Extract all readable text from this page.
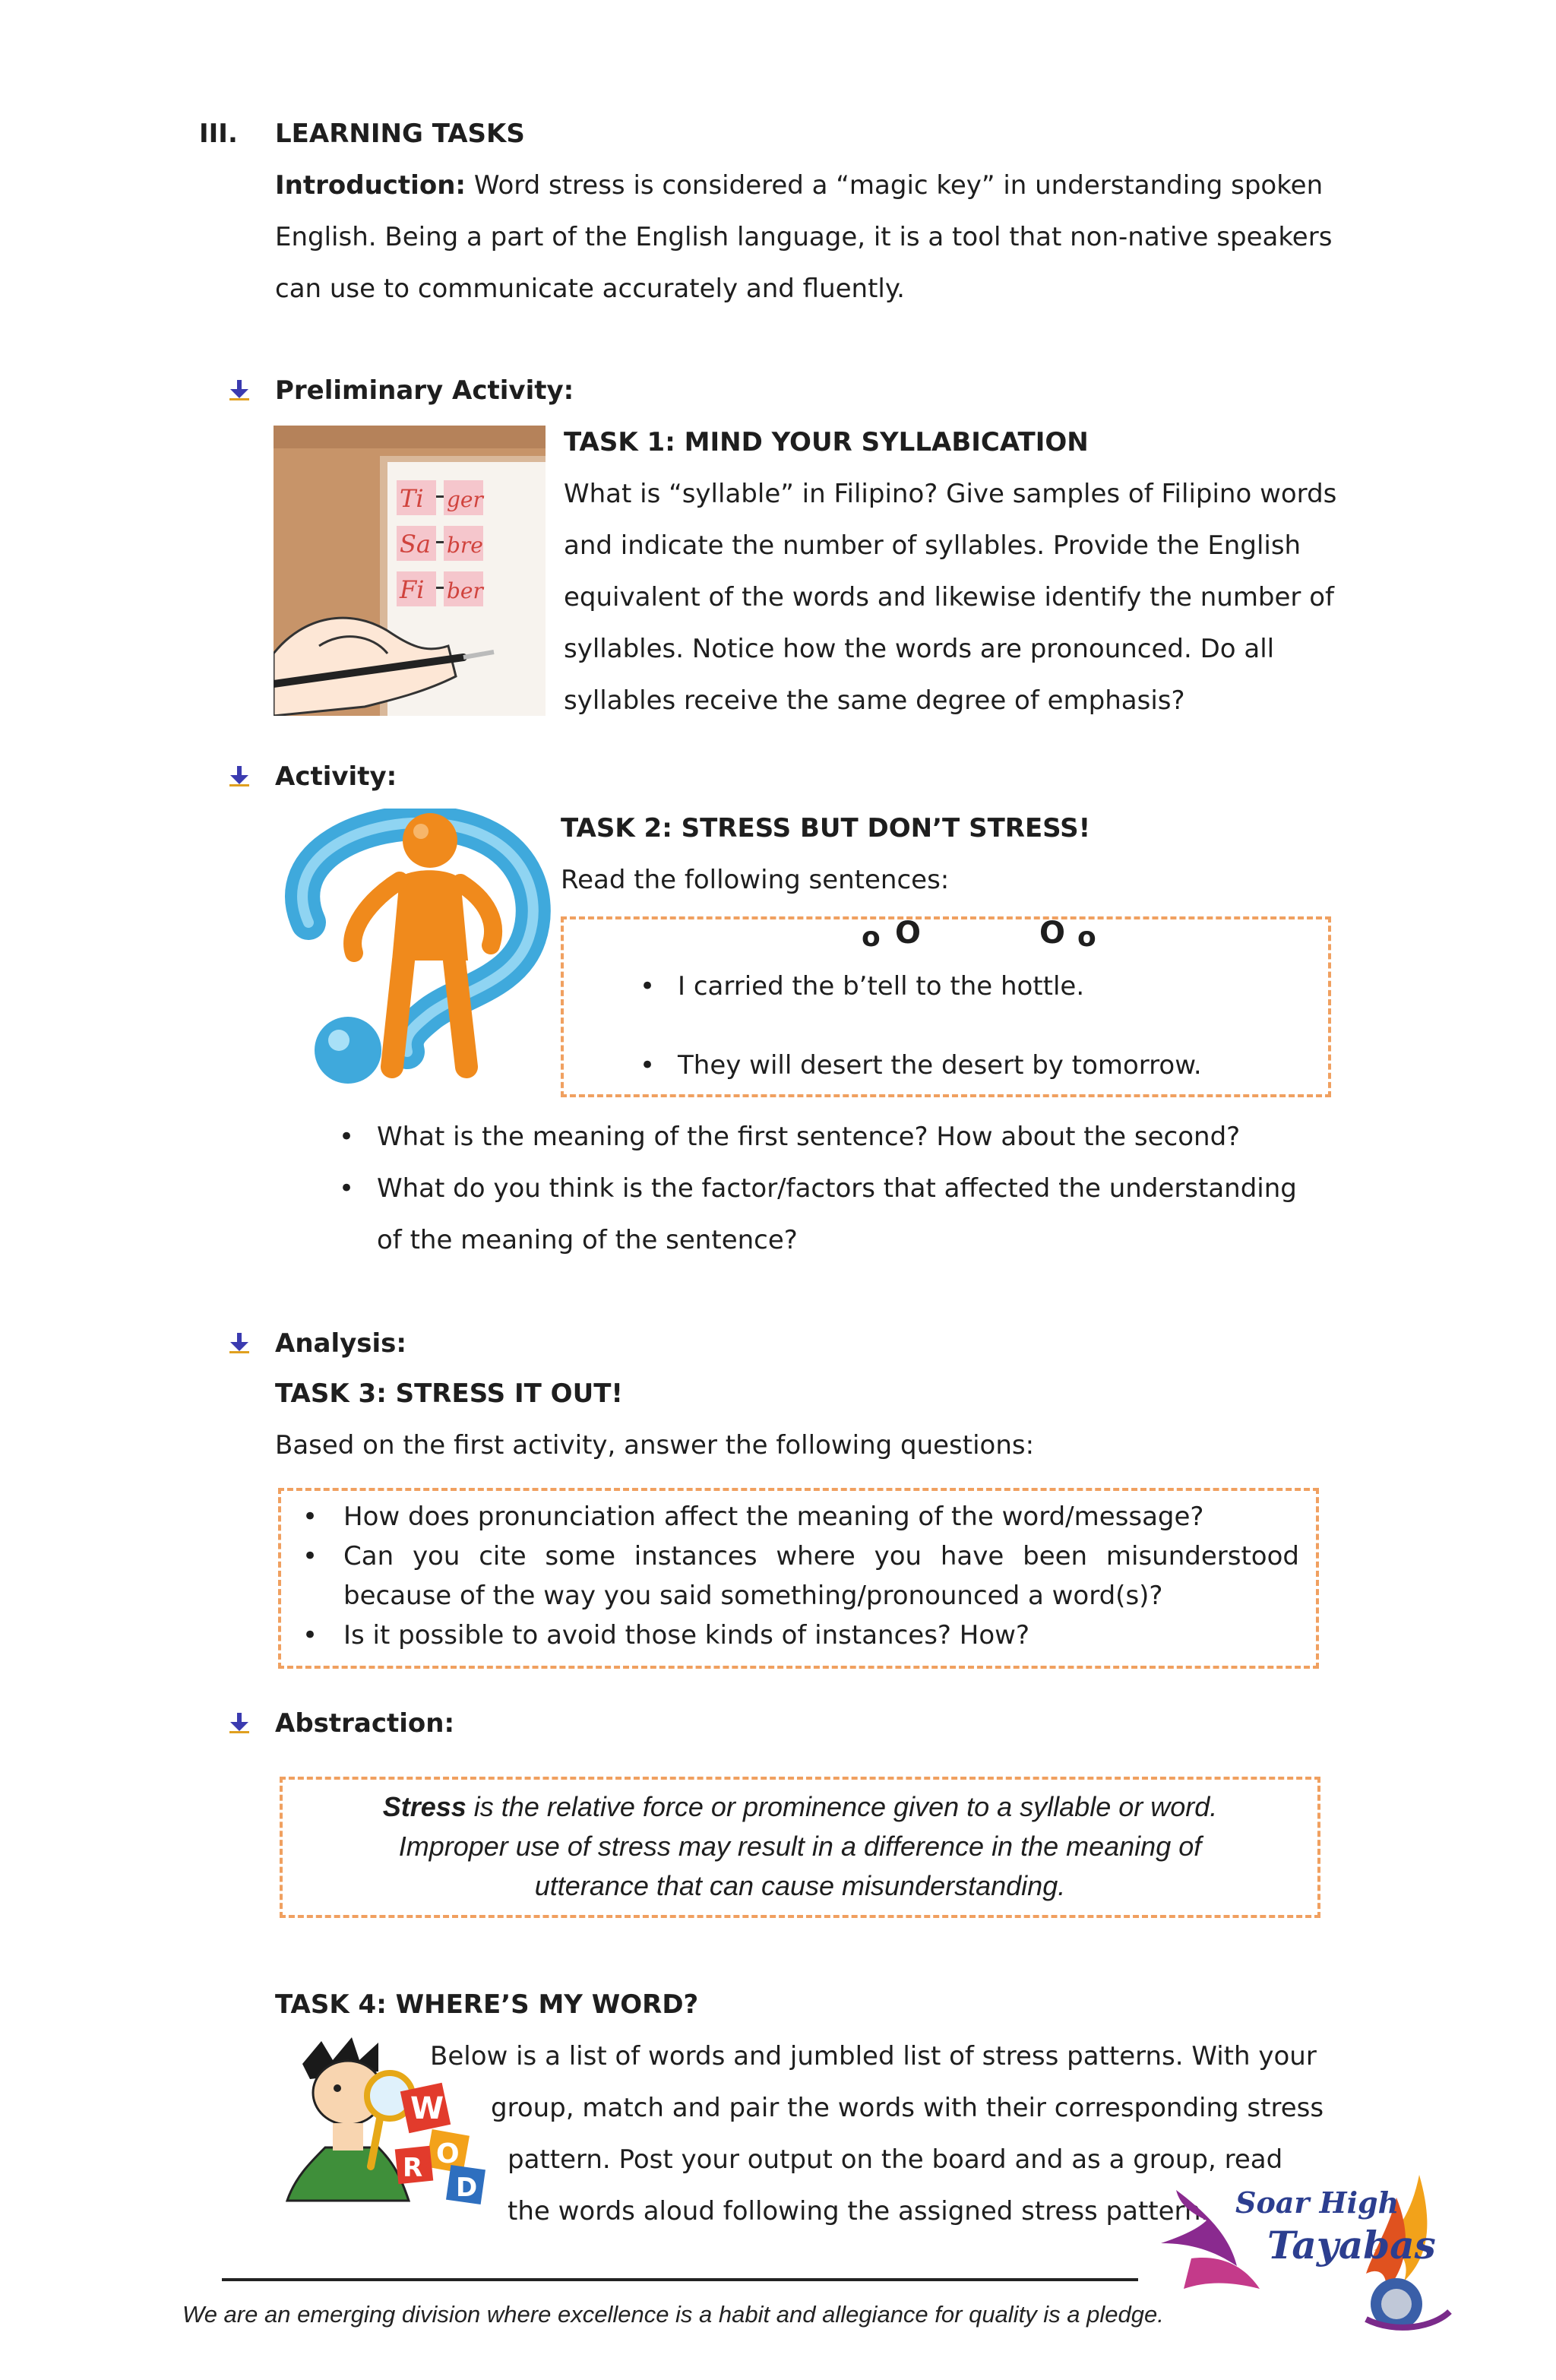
III. LEARNING TASKS
Introduction: Word stress is considered a “magic key” in understanding spoken
English. Being a part of the English language, it is a tool that non-native speakers
can use to communicate accurately and fluently.
Preliminary Activity:
Ti ger
Sa bre
Fi ber
TASK 1: MIND YOUR SYLLABICATION
What is “syllable” in Filipino? Give samples of Filipino words
and indicate the number of syllables. Provide the English
equivalent of the words and likewise identify the number of
syllables. Notice how the words are pronounced. Do all
syllables receive the same degree of emphasis?
Activity:
TASK 2: STRESS BUT DON’T STRESS!
Read the following sentences:
o O	O o
• I carried the b’tell to the hottle.
• They will desert the desert by tomorrow.
• What is the meaning of the first sentence? How about the second?
• What do you think is the factor/factors that affected the understanding
of the meaning of the sentence?
Analysis:
TASK 3: STRESS IT OUT!
Based on the first activity, answer the following questions:
• How does pronunciation affect the meaning of the word/message?
• Can you cite some instances where you have been misunderstood
because of the way you said something/pronounced a word(s)?
• Is it possible to avoid those kinds of instances? How?
Abstraction:
Stress is the relative force or prominence given to a syllable or word.
Improper use of stress may result in a difference in the meaning of
utterance that can cause misunderstanding.
TASK 4: WHERE’S MY WORD?
W
O
R
D
Below is a list of words and jumbled list of stress patterns. With your
group, match and pair the words with their corresponding stress
pattern. Post your output on the board and as a group, read
the words aloud following the assigned stress pattern. Soar High
Tayabas
We are an emerging division where excellence is a habit and allegiance for quality is a pledge.
